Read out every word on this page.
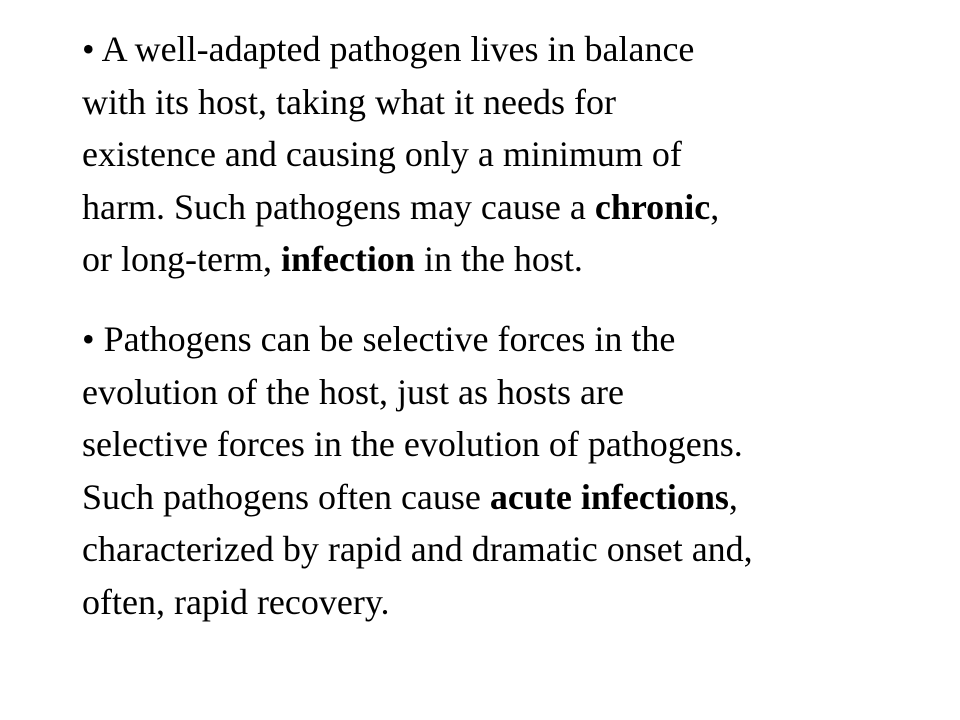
• A well-adapted pathogen lives in balance
with its host, taking what it needs for
existence and causing only a minimum of
harm. Such pathogens may cause a chronic,
or long-term, infection in the host.

• Pathogens can be selective forces in the
evolution of the host, just as hosts are
selective forces in the evolution of pathogens.
Such pathogens often cause acute infections,
characterized by rapid and dramatic onset and,
often, rapid recovery.
